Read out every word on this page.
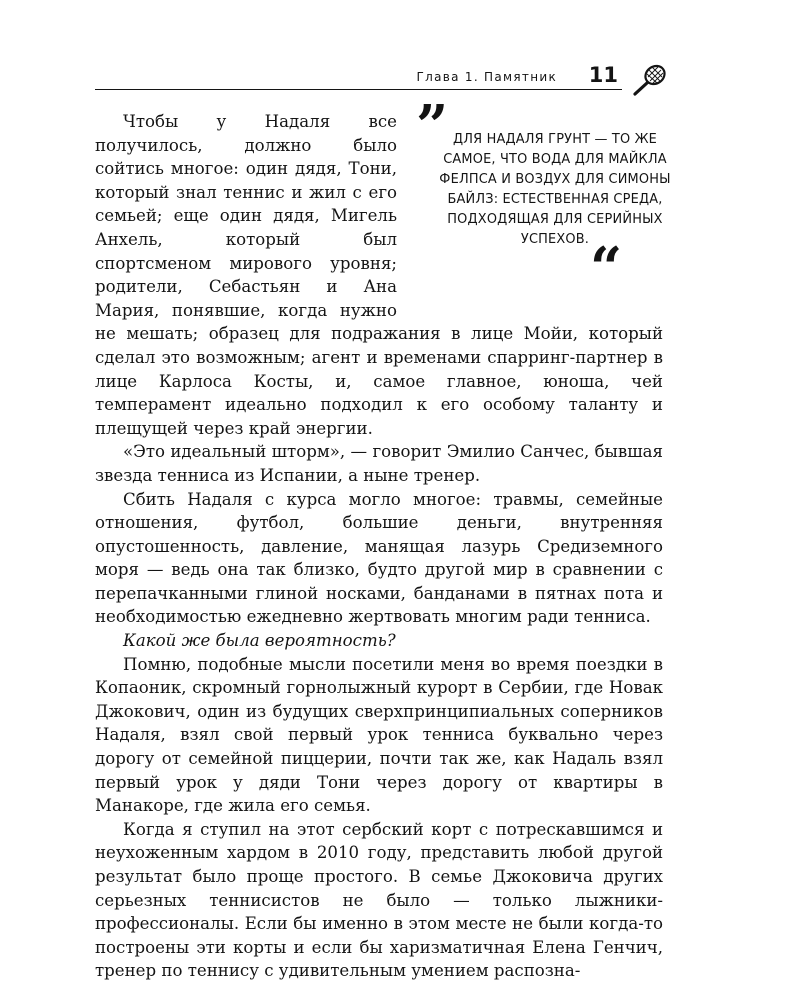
Глава 1. Памятник 11
” ДЛЯ НАДАЛЯ ГРУНТ — ТО ЖЕ САМОЕ, ЧТО ВОДА ДЛЯ МАЙКЛА ФЕЛПСА И ВОЗДУХ ДЛЯ СИМОНЫ БАЙЛЗ: ЕСТЕСТВЕННАЯ СРЕДА, ПОДХОДЯЩАЯ ДЛЯ СЕРИЙНЫХ УСПЕХОВ.

Чтобы у Надаля все получилось, должно было сойтись многое: один дядя, Тони, который знал теннис и жил с его семьей; еще один дядя, Мигель Анхель, который был спортсменом мирового уровня; родители, Себастьян и Ана Мария, понявшие, когда нужно не мешать; образец для подражания в лице Мойи, который сделал это возможным; агент и временами спарринг-партнер в лице Карлоса Косты, и, самое главное, юноша, чей темперамент идеально подходил к его особому таланту и плещущей через край энергии.

«Это идеальный шторм», — говорит Эмилио Санчес, бывшая звезда тенниса из Испании, а ныне тренер.

Сбить Надаля с курса могло многое: травмы, семейные отношения, футбол, большие деньги, внутренняя опустошенность, давление, манящая лазурь Средиземного моря — ведь она так близко, будто другой мир в сравнении с перепачканными глиной носками, банданами в пятнах пота и необходимостью ежедневно жертвовать многим ради тенниса.

Какой же была вероятность?

Помню, подобные мысли посетили меня во время поездки в Копаоник, скромный горнолыжный курорт в Сербии, где Новак Джокович, один из будущих сверхпринципиальных соперников Надаля, взял свой первый урок тенниса буквально через дорогу от семейной пиццерии, почти так же, как Надаль взял первый урок у дяди Тони через дорогу от квартиры в Манакоре, где жила его семья.

Когда я ступил на этот сербский корт с потрескавшимся и неухоженным хардом в 2010 году, представить любой другой результат было проще простого. В семье Джоковича других серьезных теннисистов не было — только лыжники-профессионалы. Если бы именно в этом месте не были когда-то построены эти корты и если бы харизматичная Елена Генчич, тренер по теннису с удивительным умением распозна-

“
